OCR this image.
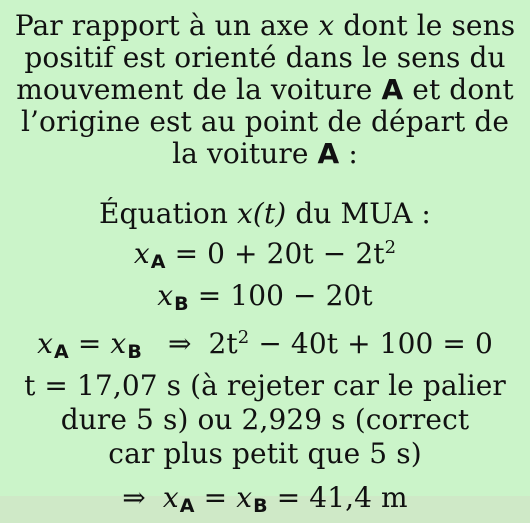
Par rapport à un axe x dont le sens
positif est orienté dans le sens du
mouvement de la voiture A et dont
l’origine est au point de départ de
la voiture A :
Équation x(t) du MUA :
$x_A = 0 + 20t - 2t^2$
$x_B = 100 - 20t$
$x_A = x_B$ ⇒ $2t^2 - 40t + 100 = 0$
t = 17,07 s (à rejeter car le palier
dure 5 s) ou 2,929 s (correct
car plus petit que 5 s)
⇒ $x_A = x_B = 41,4$ m
